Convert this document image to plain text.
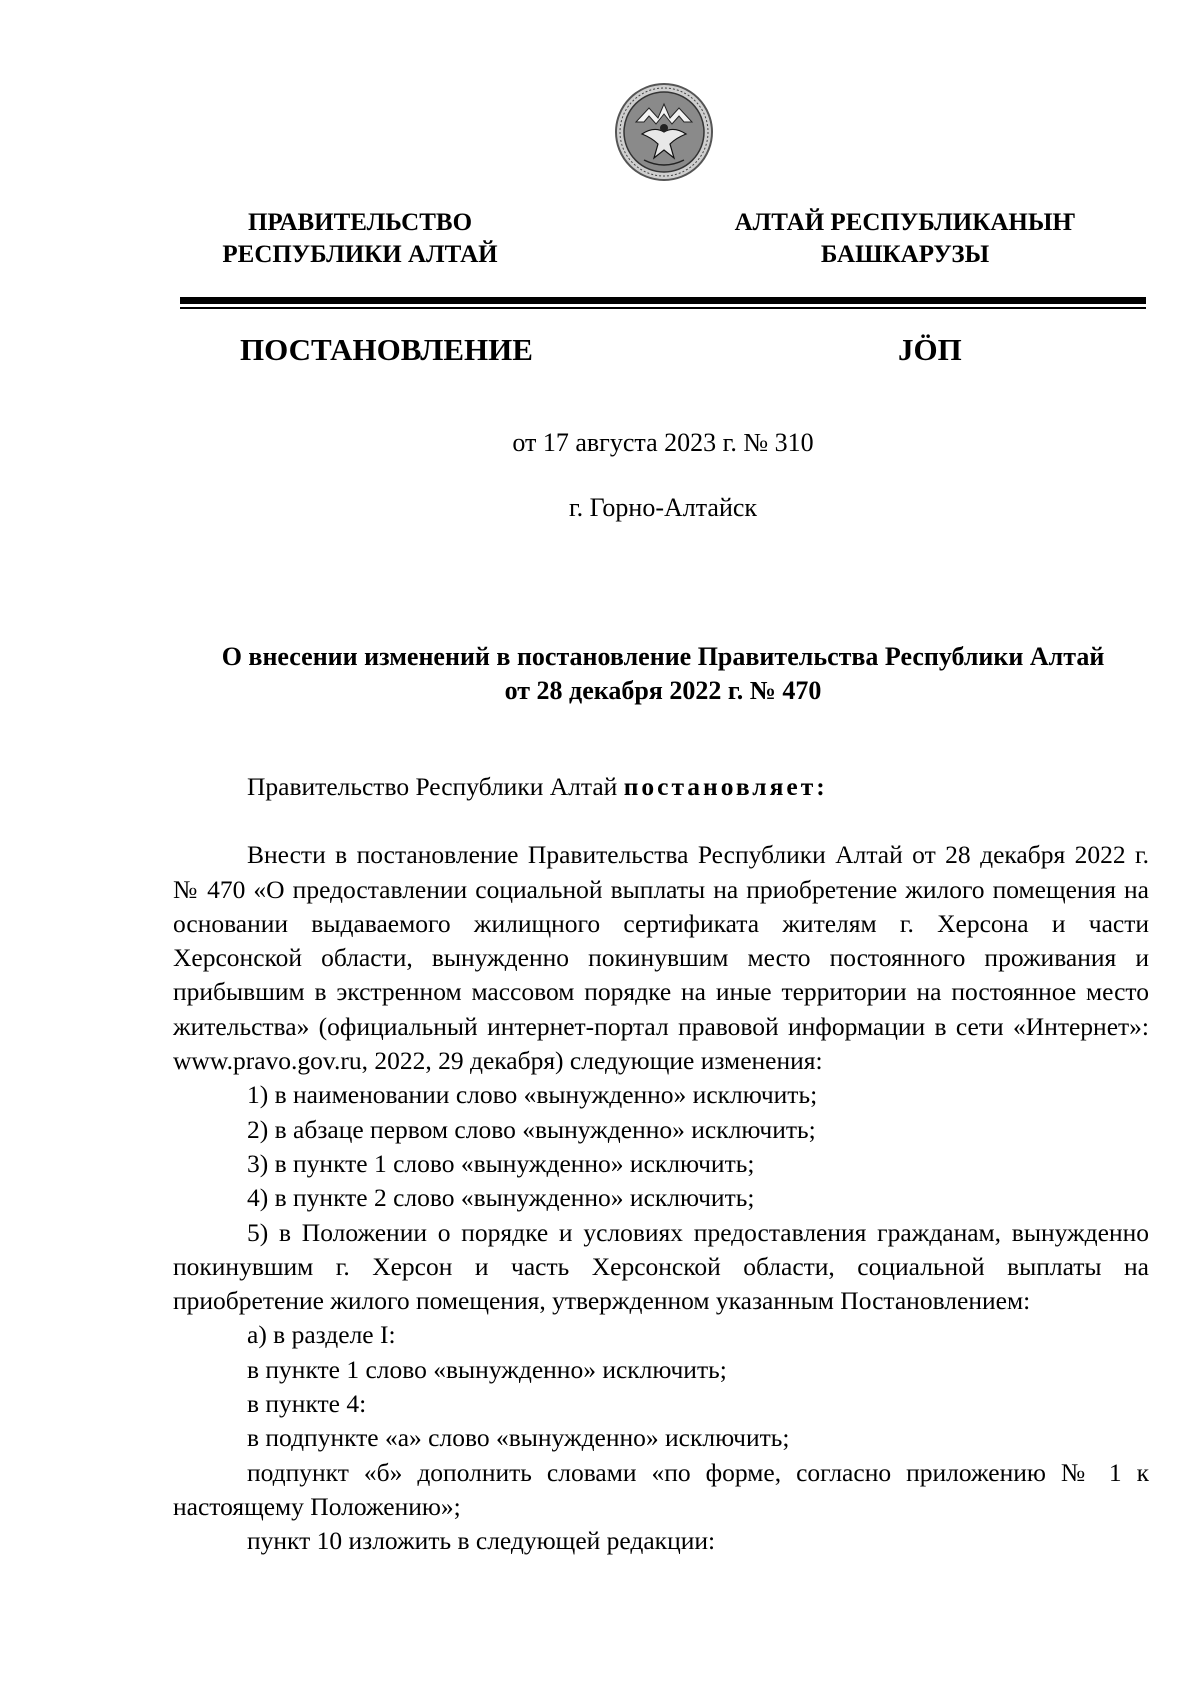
ПРАВИТЕЛЬСТВО
РЕСПУБЛИКИ АЛТАЙ
АЛТАЙ РЕСПУБЛИКАНЫҤ
БАШКАРУЗЫ
ПОСТАНОВЛЕНИЕ	JӦП
от 17 августа 2023 г. № 310
г. Горно-Алтайск
О внесении изменений в постановление Правительства Республики Алтай
от 28 декабря 2022 г. № 470
Правительство Республики Алтай постановляет:
Внести в постановление Правительства Республики Алтай от 28 декабря 2022 г. № 470 «О предоставлении социальной выплаты на приобретение жилого помещения на основании выдаваемого жилищного сертификата жителям г. Херсона и части Херсонской области, вынужденно покинувшим место постоянного проживания и прибывшим в экстренном массовом порядке на иные территории на постоянное место жительства» (официальный интернет-портал правовой информации в сети «Интернет»: www.pravo.gov.ru, 2022, 29 декабря) следующие изменения:
1) в наименовании слово «вынужденно» исключить;
2) в абзаце первом слово «вынужденно» исключить;
3) в пункте 1 слово «вынужденно» исключить;
4) в пункте 2 слово «вынужденно» исключить;
5) в Положении о порядке и условиях предоставления гражданам, вынужденно покинувшим г. Херсон и часть Херсонской области, социальной выплаты на приобретение жилого помещения, утвержденном указанным Постановлением:
а) в разделе I:
в пункте 1 слово «вынужденно» исключить;
в пункте 4:
в подпункте «а» слово «вынужденно» исключить;
подпункт «б» дополнить словами «по форме, согласно приложению № 1 к настоящему Положению»;
пункт 10 изложить в следующей редакции:
